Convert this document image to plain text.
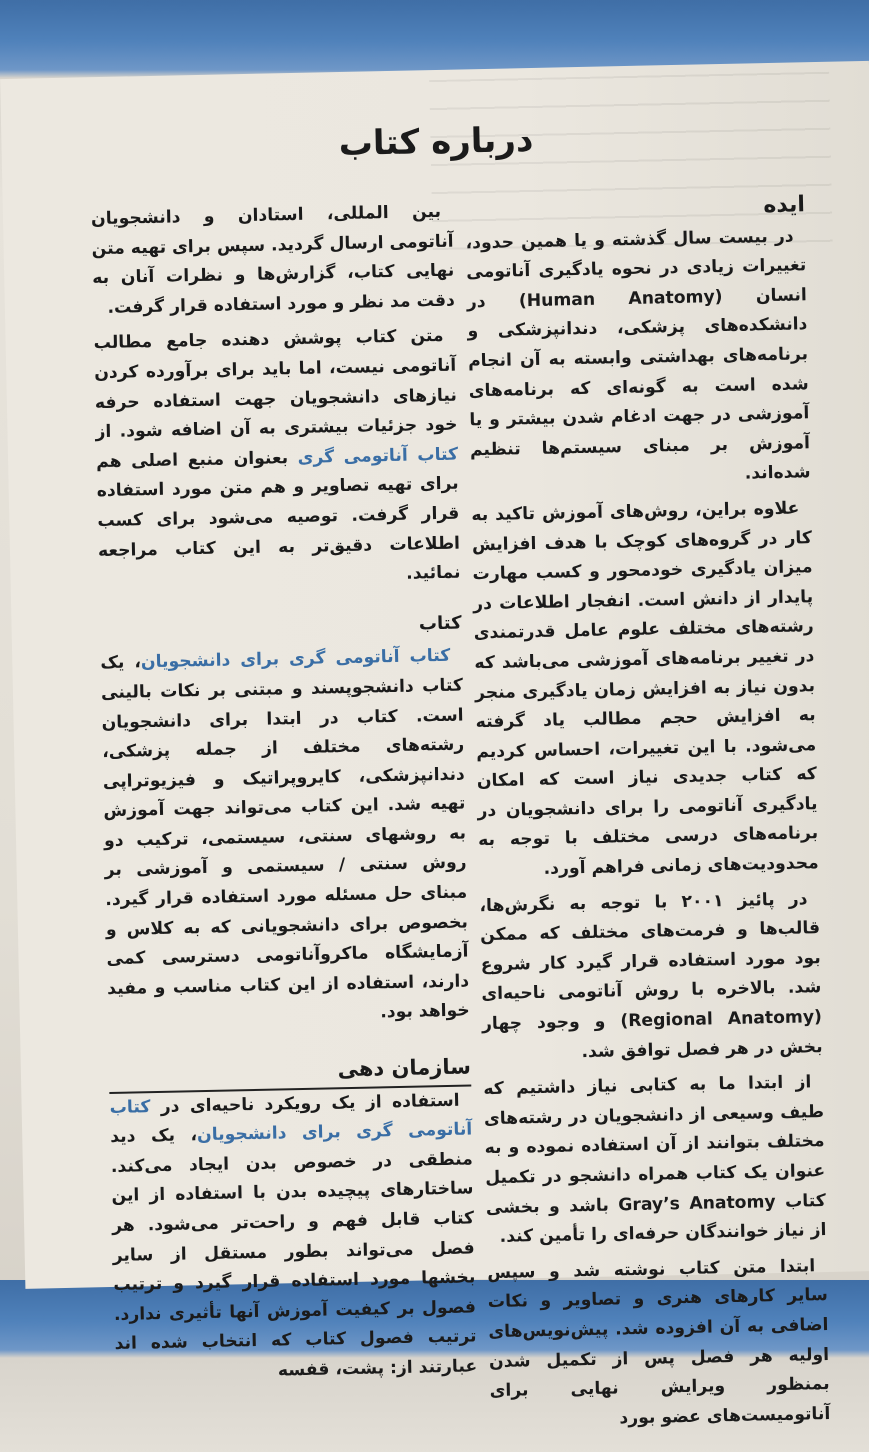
درباره کتاب
ایده

در بیست سال گذشته و یا همین حدود، تغییرات زیادی در نحوه یادگیری آناتومی انسان (Human Anatomy) در دانشکده‌های پزشکی، دندانپزشکی و برنامه‌های بهداشتی وابسته به آن انجام شده است به گونه‌ای که برنامه‌های آموزشی در جهت ادغام شدن بیشتر و یا آموزش بر مبنای سیستم‌ها تنظیم شده‌اند.

علاوه براین، روش‌های آموزش تاکید به کار در گروه‌های کوچک با هدف افزایش میزان یادگیری خودمحور و کسب مهارت پایدار از دانش است. انفجار اطلاعات در رشته‌های مختلف علوم عامل قدرتمندی در تغییر برنامه‌های آموزشی می‌باشد که بدون نیاز به افزایش زمان یادگیری منجر به افزایش حجم مطالب یاد گرفته می‌شود. با این تغییرات، احساس کردیم که کتاب جدیدی نیاز است که امکان یادگیری آناتومی را برای دانشجویان در برنامه‌های درسی مختلف با توجه به محدودیت‌های زمانی فراهم آورد.

در پائیز ۲۰۰۱ با توجه به نگرش‌ها، قالب‌ها و فرمت‌های مختلف که ممکن بود مورد استفاده قرار گیرد کار شروع شد. بالاخره با روش آناتومی ناحیه‌ای (Regional Anatomy) و وجود چهار بخش در هر فصل توافق شد.

از ابتدا ما به کتابی نیاز داشتیم که طیف وسیعی از دانشجویان در رشته‌های مختلف بتوانند از آن استفاده نموده و به عنوان یک کتاب همراه دانشجو در تکمیل کتاب Gray’s Anatomy باشد و بخشی از نیاز خوانندگان حرفه‌ای را تأمین کند.

ابتدا متن کتاب نوشته شد و سپس سایر کارهای هنری و تصاویر و نکات اضافی به آن افزوده شد. پیش‌نویس‌های اولیه هر فصل پس از تکمیل شدن بمنظور ویرایش نهایی برای آناتومیست‌های عضو بورد

بین المللی، استادان و دانشجویان آناتومی ارسال گردید. سپس برای تهیه متن نهایی کتاب، گزارش‌ها و نظرات آنان به دقت مد نظر و مورد استفاده قرار گرفت.

متن کتاب پوشش دهنده جامع مطالب آناتومی نیست، اما باید برای برآورده کردن نیازهای دانشجویان جهت استفاده حرفه خود جزئیات بیشتری به آن اضافه شود. از کتاب آناتومی گری بعنوان منبع اصلی هم برای تهیه تصاویر و هم متن مورد استفاده قرار گرفت. توصیه می‌شود برای کسب اطلاعات دقیق‌تر به این کتاب مراجعه نمائید.

کتاب

کتاب آناتومی گری برای دانشجویان، یک کتاب دانشجوپسند و مبتنی بر نکات بالینی است. کتاب در ابتدا برای دانشجویان رشته‌های مختلف از جمله پزشکی، دندانپزشکی، کایروپراتیک و فیزیوتراپی تهیه شد. این کتاب می‌تواند جهت آموزش به روشهای سنتی، سیستمی، ترکیب دو روش سنتی / سیستمی و آموزشی بر مبنای حل مسئله مورد استفاده قرار گیرد. بخصوص برای دانشجویانی که به کلاس و آزمایشگاه ماکروآناتومی دسترسی کمی دارند، استفاده از این کتاب مناسب و مفید خواهد بود.

سازمان دهی

استفاده از یک رویکرد ناحیه‌ای در کتاب آناتومی گری برای دانشجویان، یک دید منطقی در خصوص بدن ایجاد می‌کند. ساختارهای پیچیده بدن با استفاده از این کتاب قابل فهم و راحت‌تر می‌شود. هر فصل می‌تواند بطور مستقل از سایر بخشها مورد استفاده قرار گیرد و ترتیب فصول بر کیفیت آموزش آنها تأثیری ندارد. ترتیب فصول کتاب که انتخاب شده اند عبارتند از: پشت، قفسه
